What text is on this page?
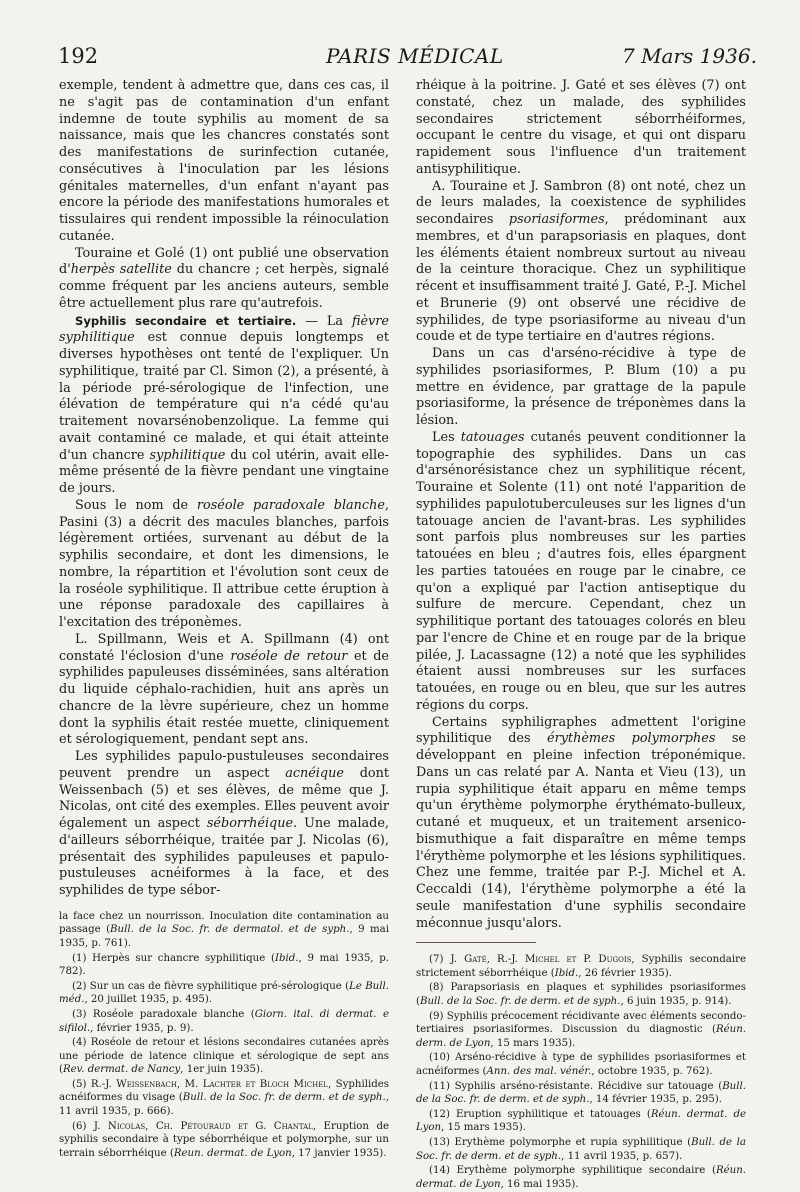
192	PARIS MÉDICAL	7 Mars 1936.

exemple, tendent à admettre que, dans ces cas, il ne s'agit pas de contamination d'un enfant indemne de toute syphilis au moment de sa naissance, mais que les chancres constatés sont des manifestations de surinfection cutanée, consécutives à l'inoculation par les lésions génitales maternelles, d'un enfant n'ayant pas encore la période des manifestations humorales et tissulaires qui rendent impossible la réinoculation cutanée.

Touraine et Golé (1) ont publié une observation d'herpès satellite du chancre ; cet herpès, signalé comme fréquent par les anciens auteurs, semble être actuellement plus rare qu'autrefois.

Syphilis secondaire et tertiaire. — La fièvre syphilitique est connue depuis longtemps et diverses hypothèses ont tenté de l'expliquer. Un syphilitique, traité par Cl. Simon (2), a présenté, à la période pré-sérologique de l'infection, une élévation de température qui n'a cédé qu'au traitement novarsénobenzolique. La femme qui avait contaminé ce malade, et qui était atteinte d'un chancre syphilitique du col utérin, avait elle-même présenté de la fièvre pendant une vingtaine de jours.

Sous le nom de roséole paradoxale blanche, Pasini (3) a décrit des macules blanches, parfois légèrement ortiées, survenant au début de la syphilis secondaire, et dont les dimensions, le nombre, la répartition et l'évolution sont ceux de la roséole syphilitique. Il attribue cette éruption à une réponse paradoxale des capillaires à l'excitation des tréponèmes.

L. Spillmann, Weis et A. Spillmann (4) ont constaté l'éclosion d'une roséole de retour et de syphilides papuleuses disséminées, sans altération du liquide céphalo-rachidien, huit ans après un chancre de la lèvre supérieure, chez un homme dont la syphilis était restée muette, cliniquement et sérologiquement, pendant sept ans.

Les syphilides papulo-pustuleuses secondaires peuvent prendre un aspect acnéique dont Weissenbach (5) et ses élèves, de même que J. Nicolas, ont cité des exemples. Elles peuvent avoir également un aspect séborrhéique. Une malade, d'ailleurs séborrhéique, traitée par J. Nicolas (6), présentait des syphilides papuleuses et papulo-pustuleuses acnéiformes à la face, et des syphilides de type sébor-

la face chez un nourrisson. Inoculation dite contamination au passage (Bull. de la Soc. fr. de dermatol. et de syph., 9 mai 1935, p. 761).

(1) Herpès sur chancre syphilitique (Ibid., 9 mai 1935, p. 782).

(2) Sur un cas de fièvre syphilitique pré-sérologique (Le Bull. méd., 20 juillet 1935, p. 495).

(3) Roséole paradoxale blanche (Giorn. ital. di dermat. e sifilol., février 1935, p. 9).

(4) Roséole de retour et lésions secondaires cutanées après une période de latence clinique et sérologique de sept ans (Rev. dermat. de Nancy, 1er juin 1935).

(5) R.-J. Weissenbach, M. Lachter et Bloch Michel, Syphilides acnéiformes du visage (Bull. de la Soc. fr. de derm. et de syph., 11 avril 1935, p. 666).

(6) J. Nicolas, Ch. Pétouraud et G. Chantal, Eruption de syphilis secondaire à type séborrhéique et polymorphe, sur un terrain séborrhéique (Reun. dermat. de Lyon, 17 janvier 1935).

rhéique à la poitrine. J. Gaté et ses élèves (7) ont constaté, chez un malade, des syphilides secondaires strictement séborrhéiformes, occupant le centre du visage, et qui ont disparu rapidement sous l'influence d'un traitement antisyphilitique.

A. Touraine et J. Sambron (8) ont noté, chez un de leurs malades, la coexistence de syphilides secondaires psoriasiformes, prédominant aux membres, et d'un parapsoriasis en plaques, dont les éléments étaient nombreux surtout au niveau de la ceinture thoracique. Chez un syphilitique récent et insuffisamment traité J. Gaté, P.-J. Michel et Brunerie (9) ont observé une récidive de syphilides, de type psoriasiforme au niveau d'un coude et de type tertiaire en d'autres régions.

Dans un cas d'arséno-récidive à type de syphilides psoriasiformes, P. Blum (10) a pu mettre en évidence, par grattage de la papule psoriasiforme, la présence de tréponèmes dans la lésion.

Les tatouages cutanés peuvent conditionner la topographie des syphilides. Dans un cas d'arsénorésistance chez un syphilitique récent, Touraine et Solente (11) ont noté l'apparition de syphilides papulotuberculeuses sur les lignes d'un tatouage ancien de l'avant-bras. Les syphilides sont parfois plus nombreuses sur les parties tatouées en bleu ; d'autres fois, elles épargnent les parties tatouées en rouge par le cinabre, ce qu'on a expliqué par l'action antiseptique du sulfure de mercure. Cependant, chez un syphilitique portant des tatouages colorés en bleu par l'encre de Chine et en rouge par de la brique pilée, J. Lacassagne (12) a noté que les syphilides étaient aussi nombreuses sur les surfaces tatouées, en rouge ou en bleu, que sur les autres régions du corps.

Certains syphiligraphes admettent l'origine syphilitique des érythèmes polymorphes se développant en pleine infection tréponémique. Dans un cas relaté par A. Nanta et Vieu (13), un rupia syphilitique était apparu en même temps qu'un érythème polymorphe érythémato-bulleux, cutané et muqueux, et un traitement arsenico-bismuthique a fait disparaître en même temps l'érythème polymorphe et les lésions syphilitiques. Chez une femme, traitée par P.-J. Michel et A. Ceccaldi (14), l'érythème polymorphe a été la seule manifestation d'une syphilis secondaire méconnue jusqu'alors.

(7) J. Gaté, R.-J. Michel et P. Dugois, Syphilis secondaire strictement séborrhéique (Ibid., 26 février 1935).

(8) Parapsoriasis en plaques et syphilides psoriasiformes (Bull. de la Soc. fr. de derm. et de syph., 6 juin 1935, p. 914).

(9) Syphilis précocement récidivante avec éléments secondo-tertiaires psoriasiformes. Discussion du diagnostic (Réun. derm. de Lyon, 15 mars 1935).

(10) Arséno-récidive à type de syphilides psoriasiformes et acnéiformes (Ann. des mal. vénér., octobre 1935, p. 762).

(11) Syphilis arséno-résistante. Récidive sur tatouage (Bull. de la Soc. fr. de derm. et de syph., 14 février 1935, p. 295).

(12) Eruption syphilitique et tatouages (Réun. dermat. de Lyon, 15 mars 1935).

(13) Erythème polymorphe et rupia syphilitique (Bull. de la Soc. fr. de derm. et de syph., 11 avril 1935, p. 657).

(14) Erythème polymorphe syphilitique secondaire (Réun. dermat. de Lyon, 16 mai 1935).
